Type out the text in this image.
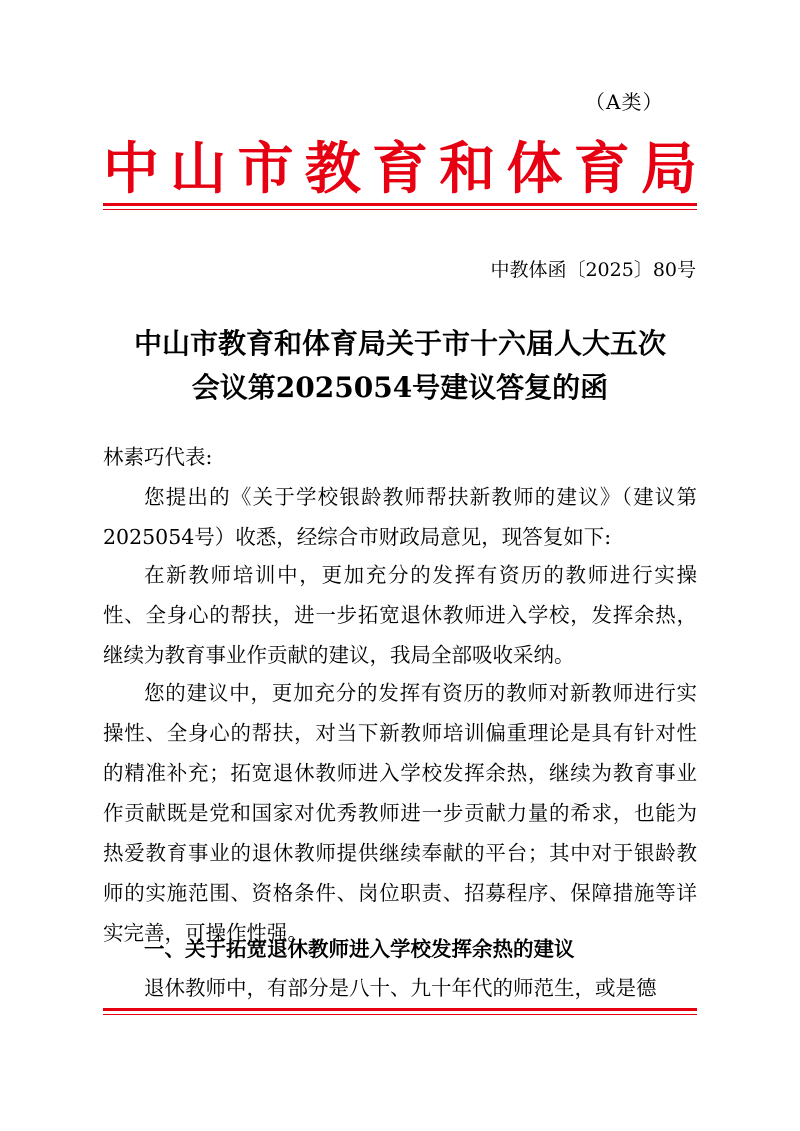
（A类）
中 山 市 教 育 和 体 育 局
中教体函〔2025〕80号
中山市教育和体育局关于市十六届人大五次
会议第2025054号建议答复的函
林素巧代表:
您提出的《关于学校银龄教师帮扶新教师的建议》（建议第2025054号）收悉，经综合市财政局意见，现答复如下:
在新教师培训中，更加充分的发挥有资历的教师进行实操性、全身心的帮扶，进一步拓宽退休教师进入学校，发挥余热，继续为教育事业作贡献的建议，我局全部吸收采纳。
您的建议中，更加充分的发挥有资历的教师对新教师进行实操性、全身心的帮扶，对当下新教师培训偏重理论是具有针对性的精准补充；拓宽退休教师进入学校发挥余热，继续为教育事业作贡献既是党和国家对优秀教师进一步贡献力量的希求，也能为热爱教育事业的退休教师提供继续奉献的平台；其中对于银龄教师的实施范围、资格条件、岗位职责、招募程序、保障措施等详实完善，可操作性强。
一、关于拓宽退休教师进入学校发挥余热的建议
退休教师中，有部分是八十、九十年代的师范生，或是德
